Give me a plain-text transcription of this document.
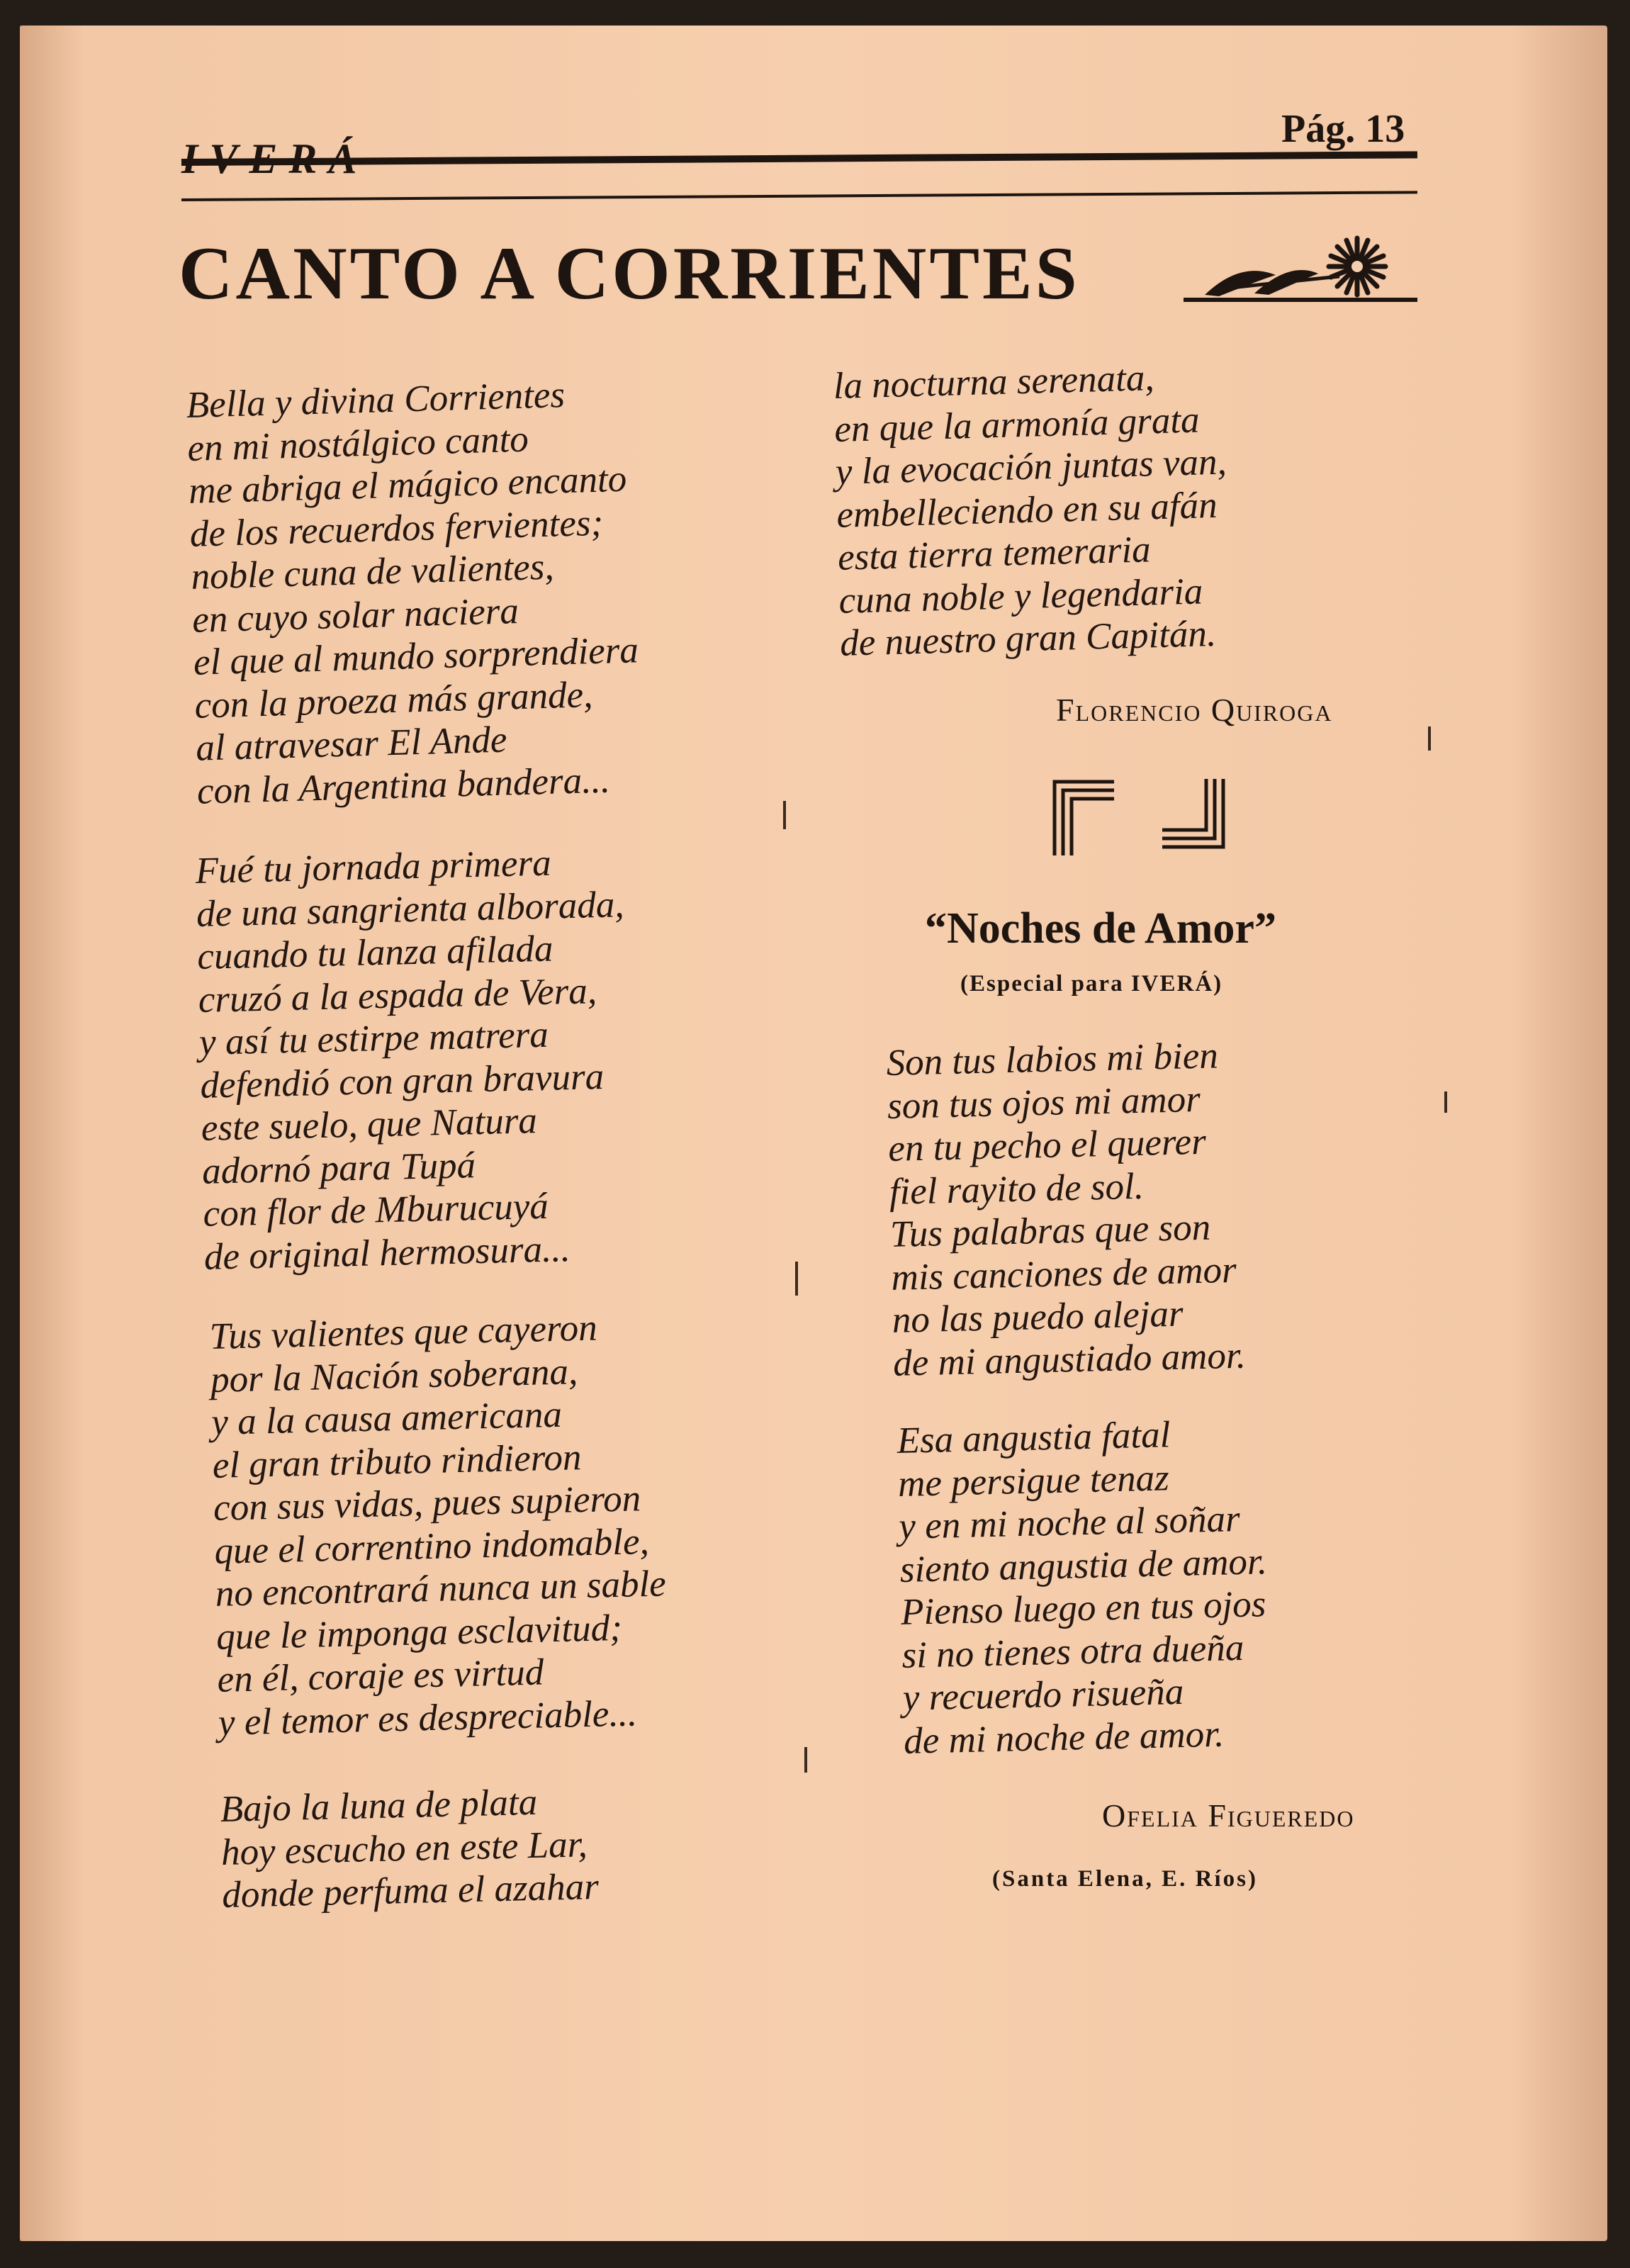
Pág. 13
CANTO A CORRIENTES
Bella y divina Corrientes
en mi nostálgico canto
me abriga el mágico encanto
de los recuerdos fervientes;
noble cuna de valientes,
en cuyo solar naciera
el que al mundo sorprendiera
con la proeza más grande,
al atravesar El Ande
con la Argentina bandera...
Fué tu jornada primera
de una sangrienta alborada,
cuando tu lanza afilada
cruzó a la espada de Vera,
y así tu estirpe matrera
defendió con gran bravura
este suelo, que Natura
adornó para Tupá
con flor de Mburucuyá
de original hermosura...
Tus valientes que cayeron
por la Nación soberana,
y a la causa americana
el gran tributo rindieron
con sus vidas, pues supieron
que el correntino indomable,
no encontrará nunca un sable
que le imponga esclavitud;
en él, coraje es virtud
y el temor es despreciable...
Bajo la luna de plata
hoy escucho en este Lar,
donde perfuma el azahar
la nocturna serenata,
en que la armonía grata
y la evocación juntas van,
embelleciendo en su afán
esta tierra temeraria
cuna noble y legendaria
de nuestro gran Capitán.
Florencio Quiroga
“Noches de Amor”
(Especial para IVERÁ)
Son tus labios mi bien
son tus ojos mi amor
en tu pecho el querer
fiel rayito de sol.
Tus palabras que son
mis canciones de amor
no las puedo alejar
de mi angustiado amor.
Esa angustia fatal
me persigue tenaz
y en mi noche al soñar
siento angustia de amor.
Pienso luego en tus ojos
si no tienes otra dueña
y recuerdo risueña
de mi noche de amor.
Ofelia Figueredo
(Santa Elena, E. Ríos)
